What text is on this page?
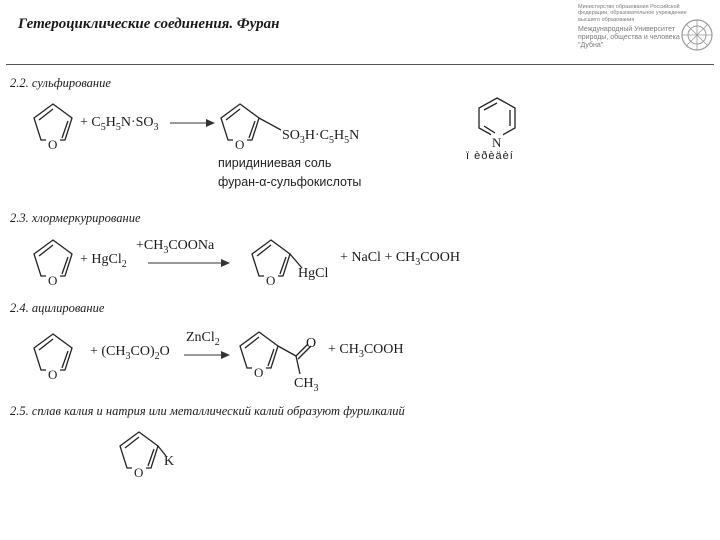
Гетероциклические соединения. Фуран
Министерство образования Российской федерации, образовательное учреждение высшего образования
Международный Университет природы, общества и человека "Дубна"
2.2. сульфирование
O
+ $C_5H_5N\cdot SO_3$ →
O
$SO_3H\cdot C_5H_5N$
пиридиниевая соль
фуран-α-сульфокислоты
N
ï èðèäèí
2.3. хлормеркурирование
O
+ HgCl$_2$
$+CH_3COONa$
O HgCl
+ NaCl + $CH_3COOH$
2.4. ацилирование
O
+ $(CH_3CO)_2O$
ZnCl$_2$
O
O
$CH_3$
+ $CH_3COOH$
2.5. сплав калия и натрия или металлический калий образуют фурилкалий
O
K
